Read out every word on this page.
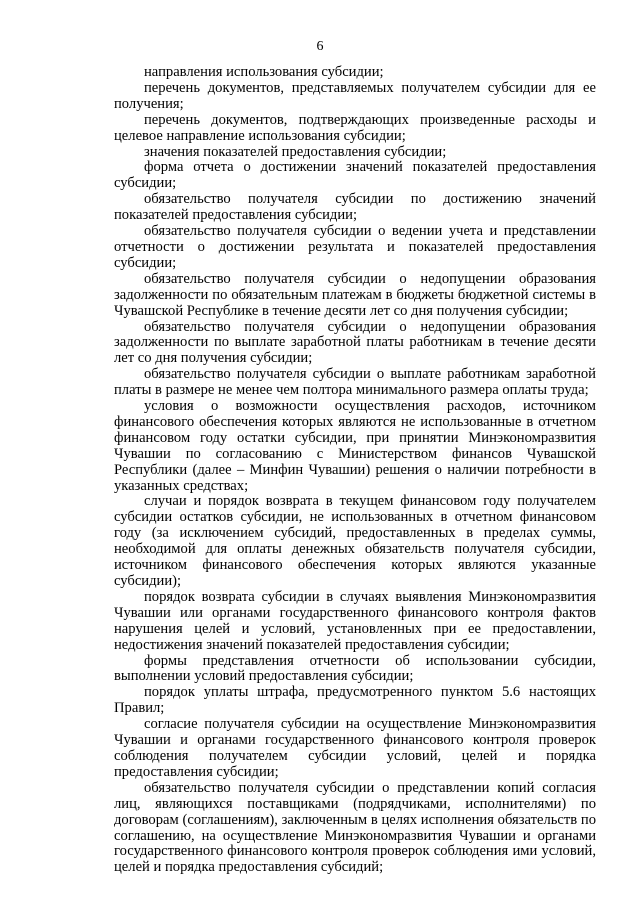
6

направления использования субсидии;

перечень документов, представляемых получателем субсидии для ее получения;

перечень документов, подтверждающих произведенные расходы и целевое направление использования субсидии;

значения показателей предоставления субсидии;

форма отчета о достижении значений показателей предоставления субсидии;

обязательство получателя субсидии по достижению значений показателей предоставления субсидии;

обязательство получателя субсидии о ведении учета и представлении отчетности о достижении результата и показателей предоставления субсидии;

обязательство получателя субсидии о недопущении образования задолженности по обязательным платежам в бюджеты бюджетной системы в Чувашской Республике в течение десяти лет со дня получения субсидии;

обязательство получателя субсидии о недопущении образования задолженности по выплате заработной платы работникам в течение десяти лет со дня получения субсидии;

обязательство получателя субсидии о выплате работникам заработной платы в размере не менее чем полтора минимального размера оплаты труда;

условия о возможности осуществления расходов, источником финансового обеспечения которых являются не использованные в отчетном финансовом году остатки субсидии, при принятии Минэкономразвития Чувашии по согласованию с Министерством финансов Чувашской Республики (далее – Минфин Чувашии) решения о наличии потребности в указанных средствах;

случаи и порядок возврата в текущем финансовом году получателем субсидии остатков субсидии, не использованных в отчетном финансовом году (за исключением субсидий, предоставленных в пределах суммы, необходимой для оплаты денежных обязательств получателя субсидии, источником финансового обеспечения которых являются указанные субсидии);

порядок возврата субсидии в случаях выявления Минэкономразвития Чувашии или органами государственного финансового контроля фактов нарушения целей и условий, установленных при ее предоставлении, недостижения значений показателей предоставления субсидии;

формы представления отчетности об использовании субсидии, выполнении условий предоставления субсидии;

порядок уплаты штрафа, предусмотренного пунктом 5.6 настоящих Правил;

согласие получателя субсидии на осуществление Минэкономразвития Чувашии и органами государственного финансового контроля проверок соблюдения получателем субсидии условий, целей и порядка предоставления субсидии;

обязательство получателя субсидии о представлении копий согласия лиц, являющихся поставщиками (подрядчиками, исполнителями) по договорам (соглашениям), заключенным в целях исполнения обязательств по соглашению, на осуществление Минэкономразвития Чувашии и органами государственного финансового контроля проверок соблюдения ими условий, целей и порядка предоставления субсидий;
